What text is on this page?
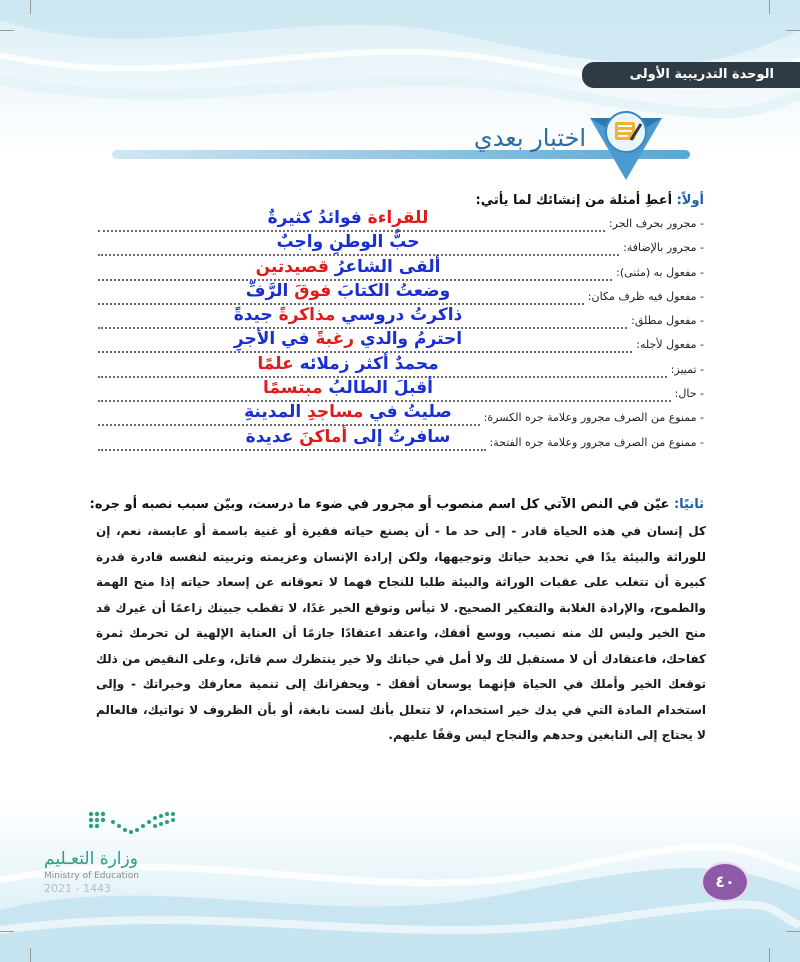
الوحدة التدريبية الأولى
اختبار بعدي
أولاً: أعطِ أمثلة من إنشائك لما يأتي:
- مجرور بحرف الجر:
للقراءة فوائدُ كثيرةٌ
- مجرور بالإضافة:
حبُّ الوطنِ واجبٌ
- مفعول به (مثنى):
ألقى الشاعرُ قصيدتين
- مفعول فيه ظرف مكان:
وضعتُ الكتابَ فوقَ الرَّفِّ
- مفعول مطلق:
ذاكرتُ دروسي مذاكرةً جيدةً
- مفعول لأجله:
احترمُ والدي رغبةً في الأجرِ
- تمييز:
محمدٌ أكثر زملائه علمًا
- حال:
أقبلَ الطالبُ مبتسمًا
- ممنوع من الصرف مجرور وعلامة جره الكسرة:
صليتُ في مساجدِ المدينةِ
- ممنوع من الصرف مجرور وعلامة جره الفتحة:
سافرتُ إلى أماكنَ عديدة
ثانيًا: عيّن في النص الآتي كل اسم منصوب أو مجرور في ضوء ما درست، وبيّن سبب نصبه أو جره:
كل إنسان في هذه الحياة قادر - إلى حد ما - أن يصنع حياته فقيرة أو غنية باسمة أو عابسة، نعم، إن للوراثة والبيئة يدًا في تحديد حياتك وتوجيهها، ولكن إرادة الإنسان وعزيمته وتربيته لنفسه قادرة قدرة كبيرة أن تتغلب على عقبات الوراثة والبيئة طلبا للنجاح فهما لا تعوقانه عن إسعاد حياته إذا منح الهمة والطموح، والإرادة الغلابة والتفكير الصحيح. لا تيأس وتوقع الخير غدًا، لا تقطب جبينك زاعمًا أن غيرك قد منح الخير وليس لك منه نصيب، ووسع أفقك، واعتقد اعتقادًا جازمًا أن العناية الإلهية لن تحرمك ثمرة كفاحك، فاعتقادك أن لا مستقبل لك ولا أمل في حياتك ولا خير ينتظرك سم قاتل، وعلى النقيض من ذلك توقعك الخير وأملك في الحياة فإنهما يوسعان أفقك - ويحفزانك إلى تنمية معارفك وخبراتك - وإلى استخدام المادة التي في يدك خير استخدام، لا تتعلل بأنك لست نابغة، أو بأن الظروف لا تواتيك، فالعالم لا يحتاج إلى النابغين وحدهم والنجاح ليس وقفًا عليهم.
وزارة التعـليم
Ministry of Education
2021 - 1443	٤٠
